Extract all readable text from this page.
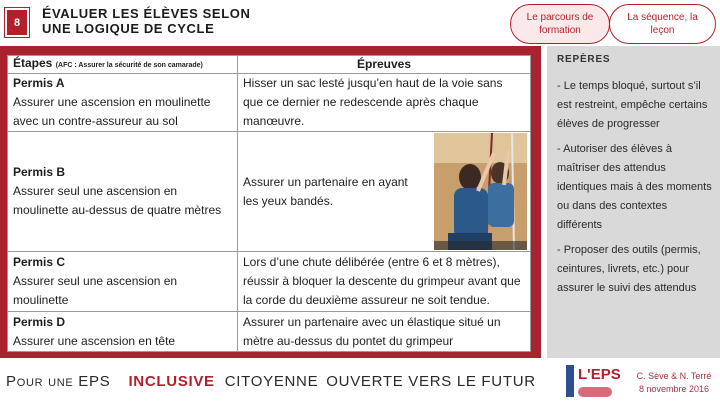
8
ÉVALUER LES ÉLÈVES SELON
UNE LOGIQUE DE CYCLE
Le parcours de formation
La séquence, la leçon
Étapes (AFC : Assurer la sécurité de son camarade)	Épreuves

Permis A
Assurer une ascension en moulinette avec un contre-assureur au sol	Hisser un sac lesté jusqu’en haut de la voie sans que ce dernier ne redescende après chaque manœuvre.

Permis B
Assurer seul une ascension en moulinette au-dessus de quatre mètres	Assurer un partenaire en ayant les yeux bandés.

Permis C
Assurer seul une ascension en moulinette	Lors d’une chute délibérée (entre 6 et 8 mètres), réussir à bloquer la descente du grimpeur avant que la corde du deuxième assureur ne soit tendue.

Permis D
Assurer une ascension en tête	Assurer un partenaire avec un élastique situé un mètre au-dessus du pontet du grimpeur
REPÈRES

- Le temps bloqué, surtout s’il est restreint, empêche certains élèves de progresser

- Autoriser des élèves à maîtriser des attendus identiques mais à des moments ou dans des contextes différents

- Proposer des outils (permis, ceintures, livrets, etc.) pour assurer le suivi des attendus

Pour une EPS INCLUSIVE CITOYENNE OUVERTE VERS LE FUTUR	L'EPS	C. Sève & N. Terré
8 novembre 2016
